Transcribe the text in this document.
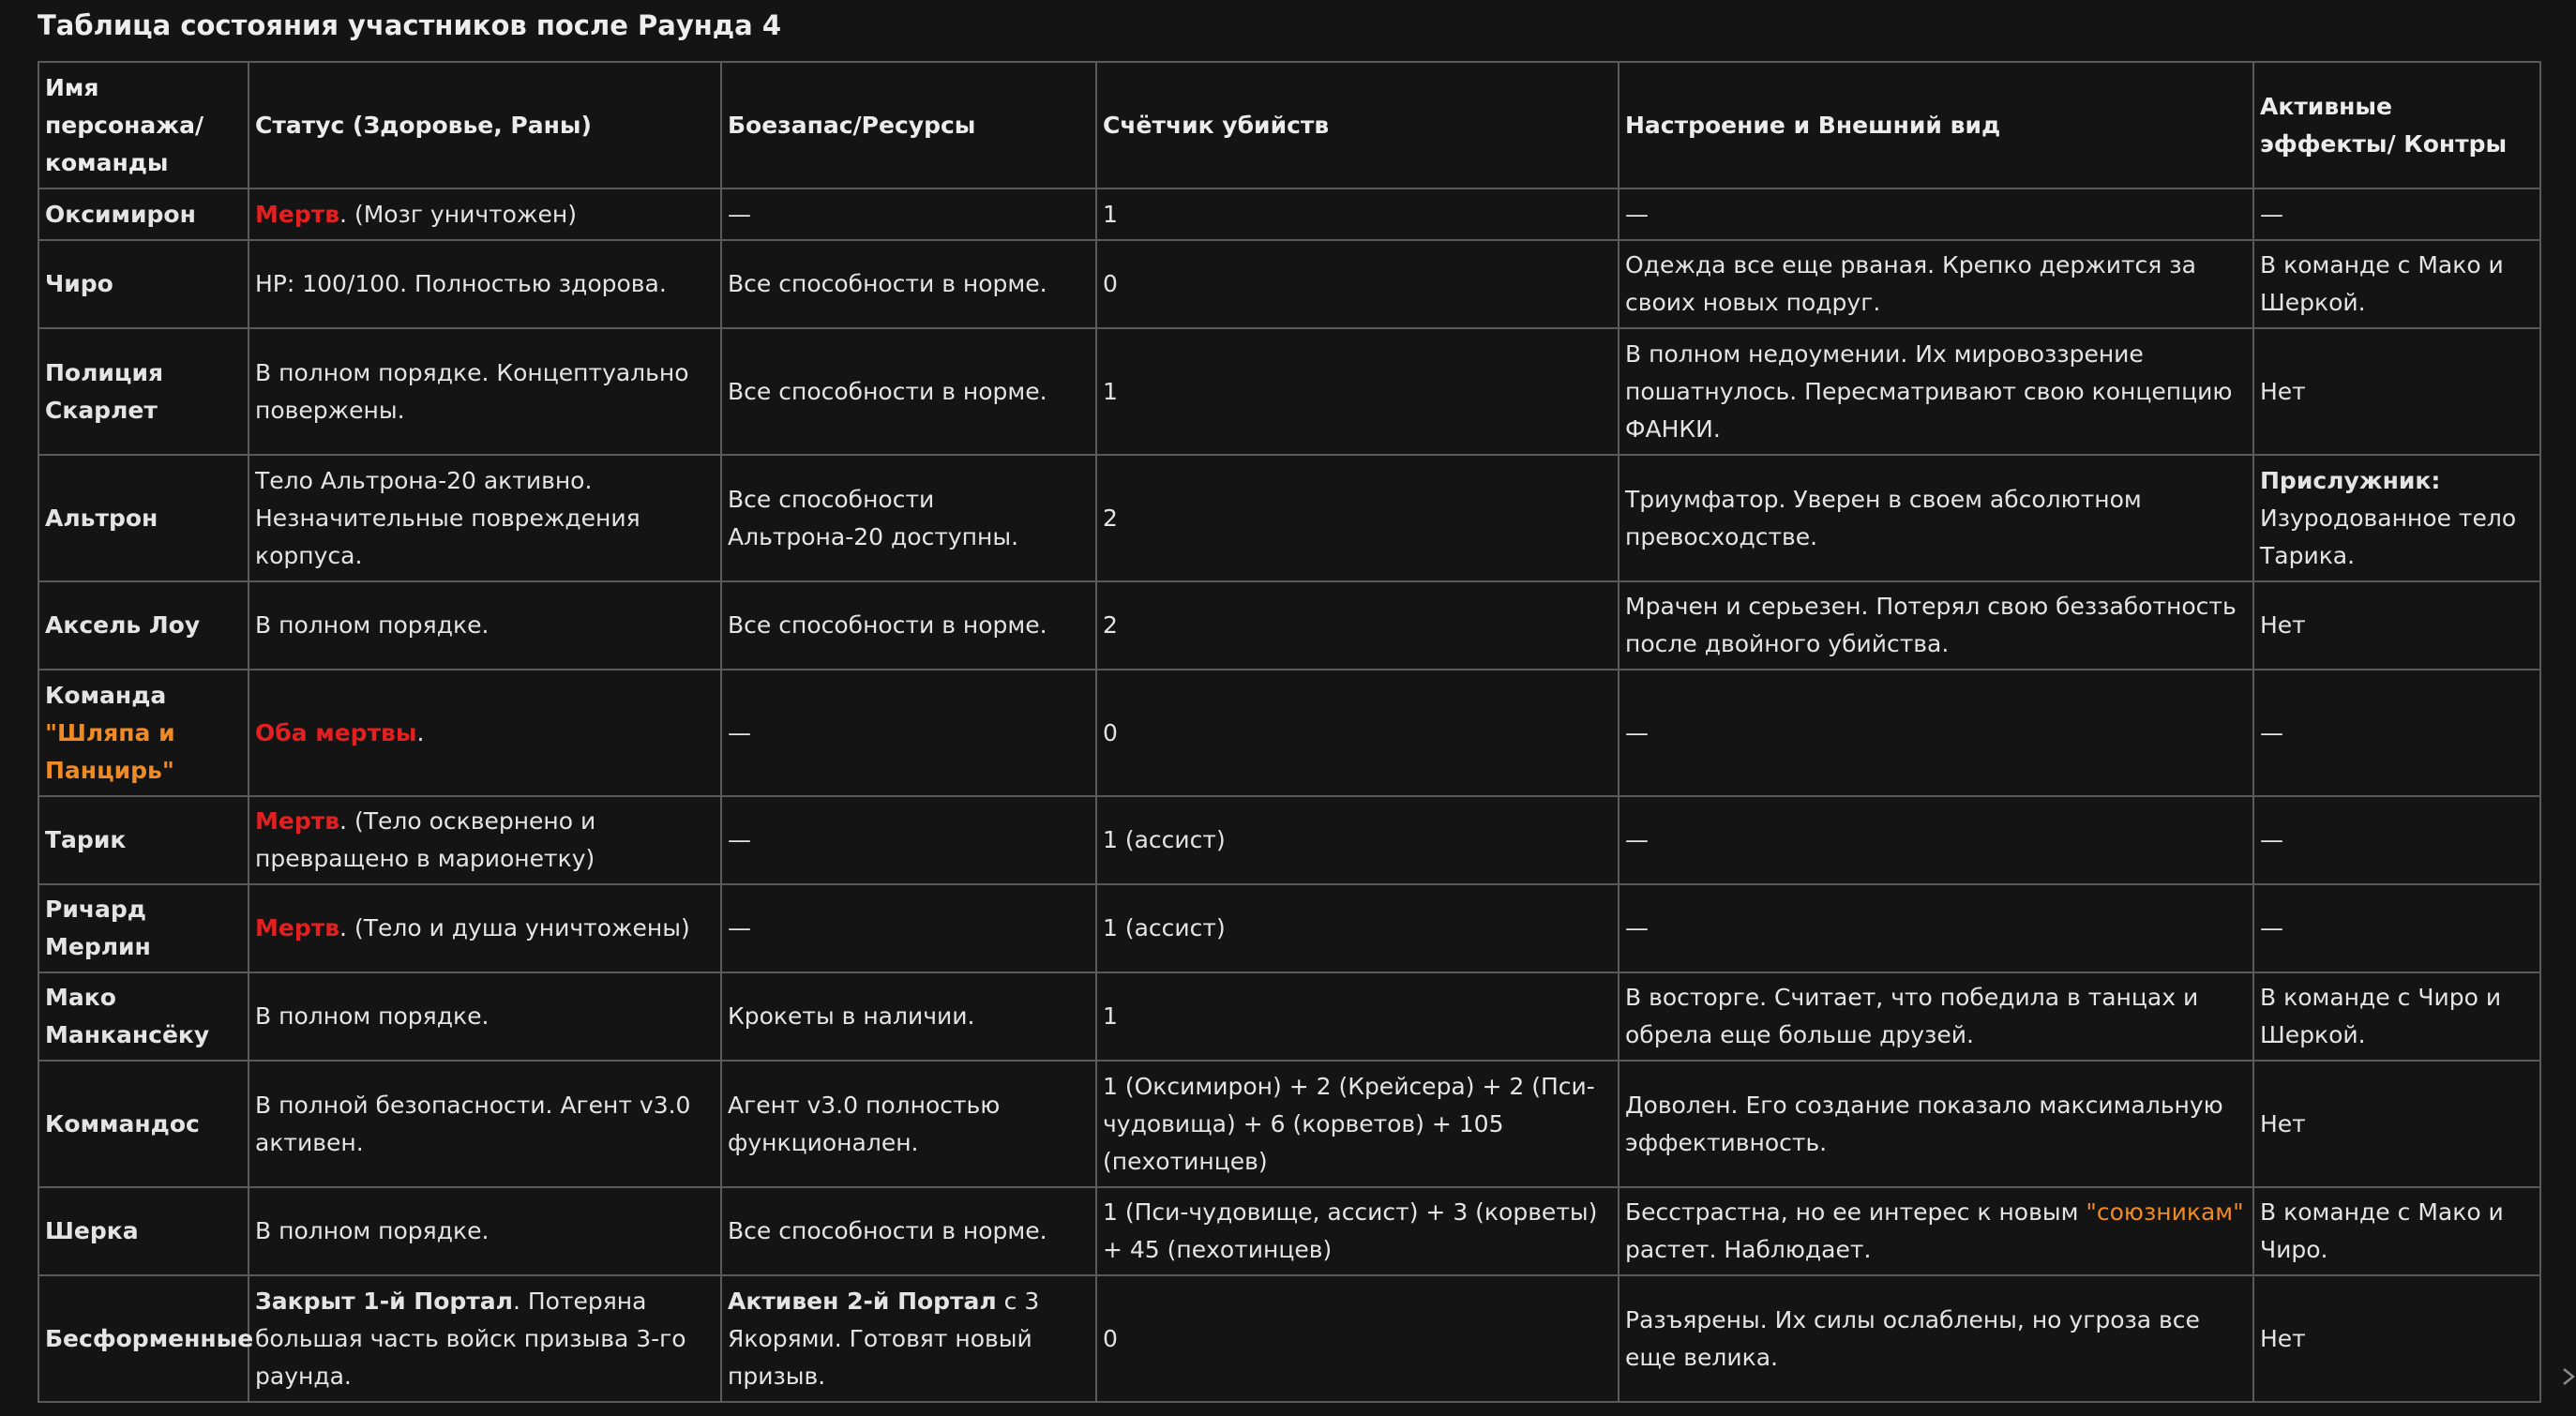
Таблица состояния участников после Раунда 4
Имя персонажа/ команды	Статус (Здоровье, Раны)	Боезапас/Ресурсы	Счётчик убийств	Настроение и Внешний вид	Активные эффекты/ Контры
Оксимирон	Мертв. (Мозг уничтожен)	—	1	—	—
Чиро	HP: 100/100. Полностью здорова.	Все способности в норме.	0	Одежда все еще рваная. Крепко держится за своих новых подруг.	В команде с Мако и Шеркой.
Полиция Скарлет	В полном порядке. Концептуально повержены.	Все способности в норме.	1	В полном недоумении. Их мировоззрение пошатнулось. Пересматривают свою концепцию ФАНКИ.	Нет
Альтрон	Тело Альтрона-20 активно. Незначительные повреждения корпуса.	Все способности Альтрона-20 доступны.	2	Триумфатор. Уверен в своем абсолютном превосходстве.	Прислужник: Изуродованное тело Тарика.
Аксель Лоу	В полном порядке.	Все способности в норме.	2	Мрачен и серьезен. Потерял свою беззаботность после двойного убийства.	Нет
Команда "Шляпа и Панцирь"	Оба мертвы.	—	0	—	—
Тарик	Мертв. (Тело осквернено и превращено в марионетку)	—	1 (ассист)	—	—
Ричард Мерлин	Мертв. (Тело и душа уничтожены)	—	1 (ассист)	—	—
Мако Манкансёку	В полном порядке.	Крокеты в наличии.	1	В восторге. Считает, что победила в танцах и обрела еще больше друзей.	В команде с Чиро и Шеркой.
Коммандос	В полной безопасности. Агент v3.0 активен.	Агент v3.0 полностью функционален.	1 (Оксимирон) + 2 (Крейсера) + 2 (Пси-чудовища) + 6 (корветов) + 105 (пехотинцев)	Доволен. Его создание показало максимальную эффективность.	Нет
Шерка	В полном порядке.	Все способности в норме.	1 (Пси-чудовище, ассист) + 3 (корветы) + 45 (пехотинцев)	Бесстрастна, но ее интерес к новым "союзникам" растет. Наблюдает.	В команде с Мако и Чиро.
Бесформенные	Закрыт 1-й Портал. Потеряна большая часть войск призыва 3-го раунда.	Активен 2-й Портал с 3 Якорями. Готовят новый призыв.	0	Разъярены. Их силы ослаблены, но угроза все еще велика.	Нет
